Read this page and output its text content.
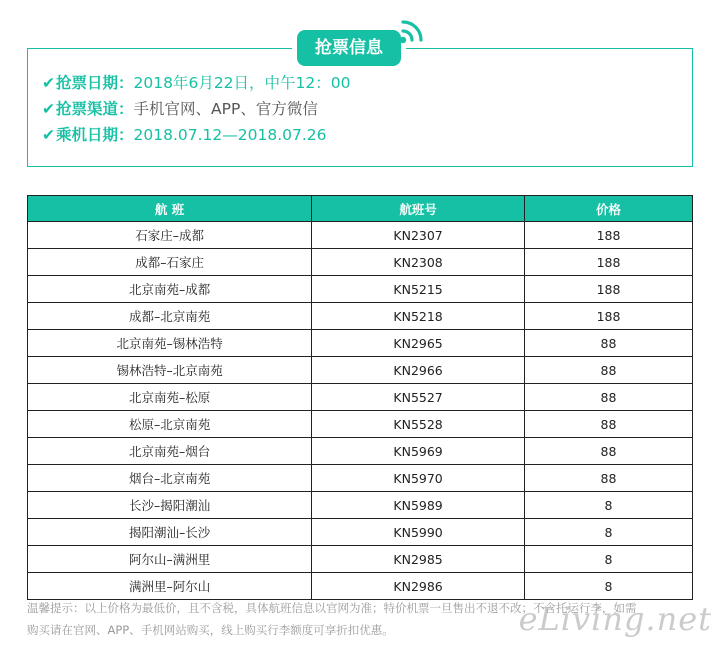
抢票信息
✔抢票日期：2018年6月22日，中午12：00
✔抢票渠道：手机官网、APP、官方微信
✔乘机日期：2018.07.12—2018.07.26
航 班	航班号	价格
石家庄–成都	KN2307	188
成都–石家庄	KN2308	188
北京南苑–成都	KN5215	188
成都–北京南苑	KN5218	188
北京南苑–锡林浩特	KN2965	88
锡林浩特–北京南苑	KN2966	88
北京南苑–松原	KN5527	88
松原–北京南苑	KN5528	88
北京南苑–烟台	KN5969	88
烟台–北京南苑	KN5970	88
长沙–揭阳潮汕	KN5989	8
揭阳潮汕–长沙	KN5990	8
阿尔山–满洲里	KN2985	8
满洲里–阿尔山	KN2986	8
温馨提示：以上价格为最低价，且不含税，具体航班信息以官网为准；特价机票一旦售出不退不改；不含托运行李，如需
购买请在官网、APP、手机网站购买，线上购买行李额度可享折扣优惠。	eLiving.net
